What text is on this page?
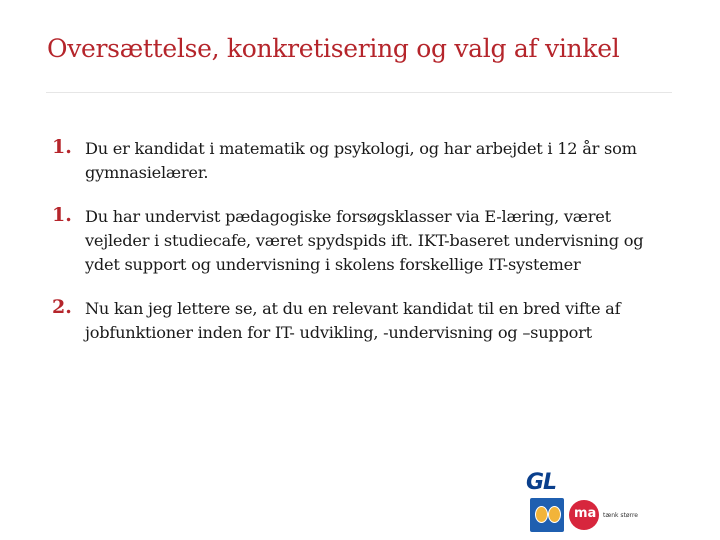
Oversættelse, konkretisering og valg af vinkel
1. Du er kandidat i matematik og psykologi, og har arbejdet i 12 år som gymnasielærer.
1. Du har undervist pædagogiske forsøgsklasser via E-læring, været vejleder i studiecafe, været spydspids ift. IKT-baseret undervisning og ydet support og undervisning i skolens forskellige IT-systemer
2. Nu kan jeg lettere se, at du en relevant kandidat til en bred vifte af jobfunktioner inden for IT- udvikling, -undervisning og –support
GL
ma tænk større
